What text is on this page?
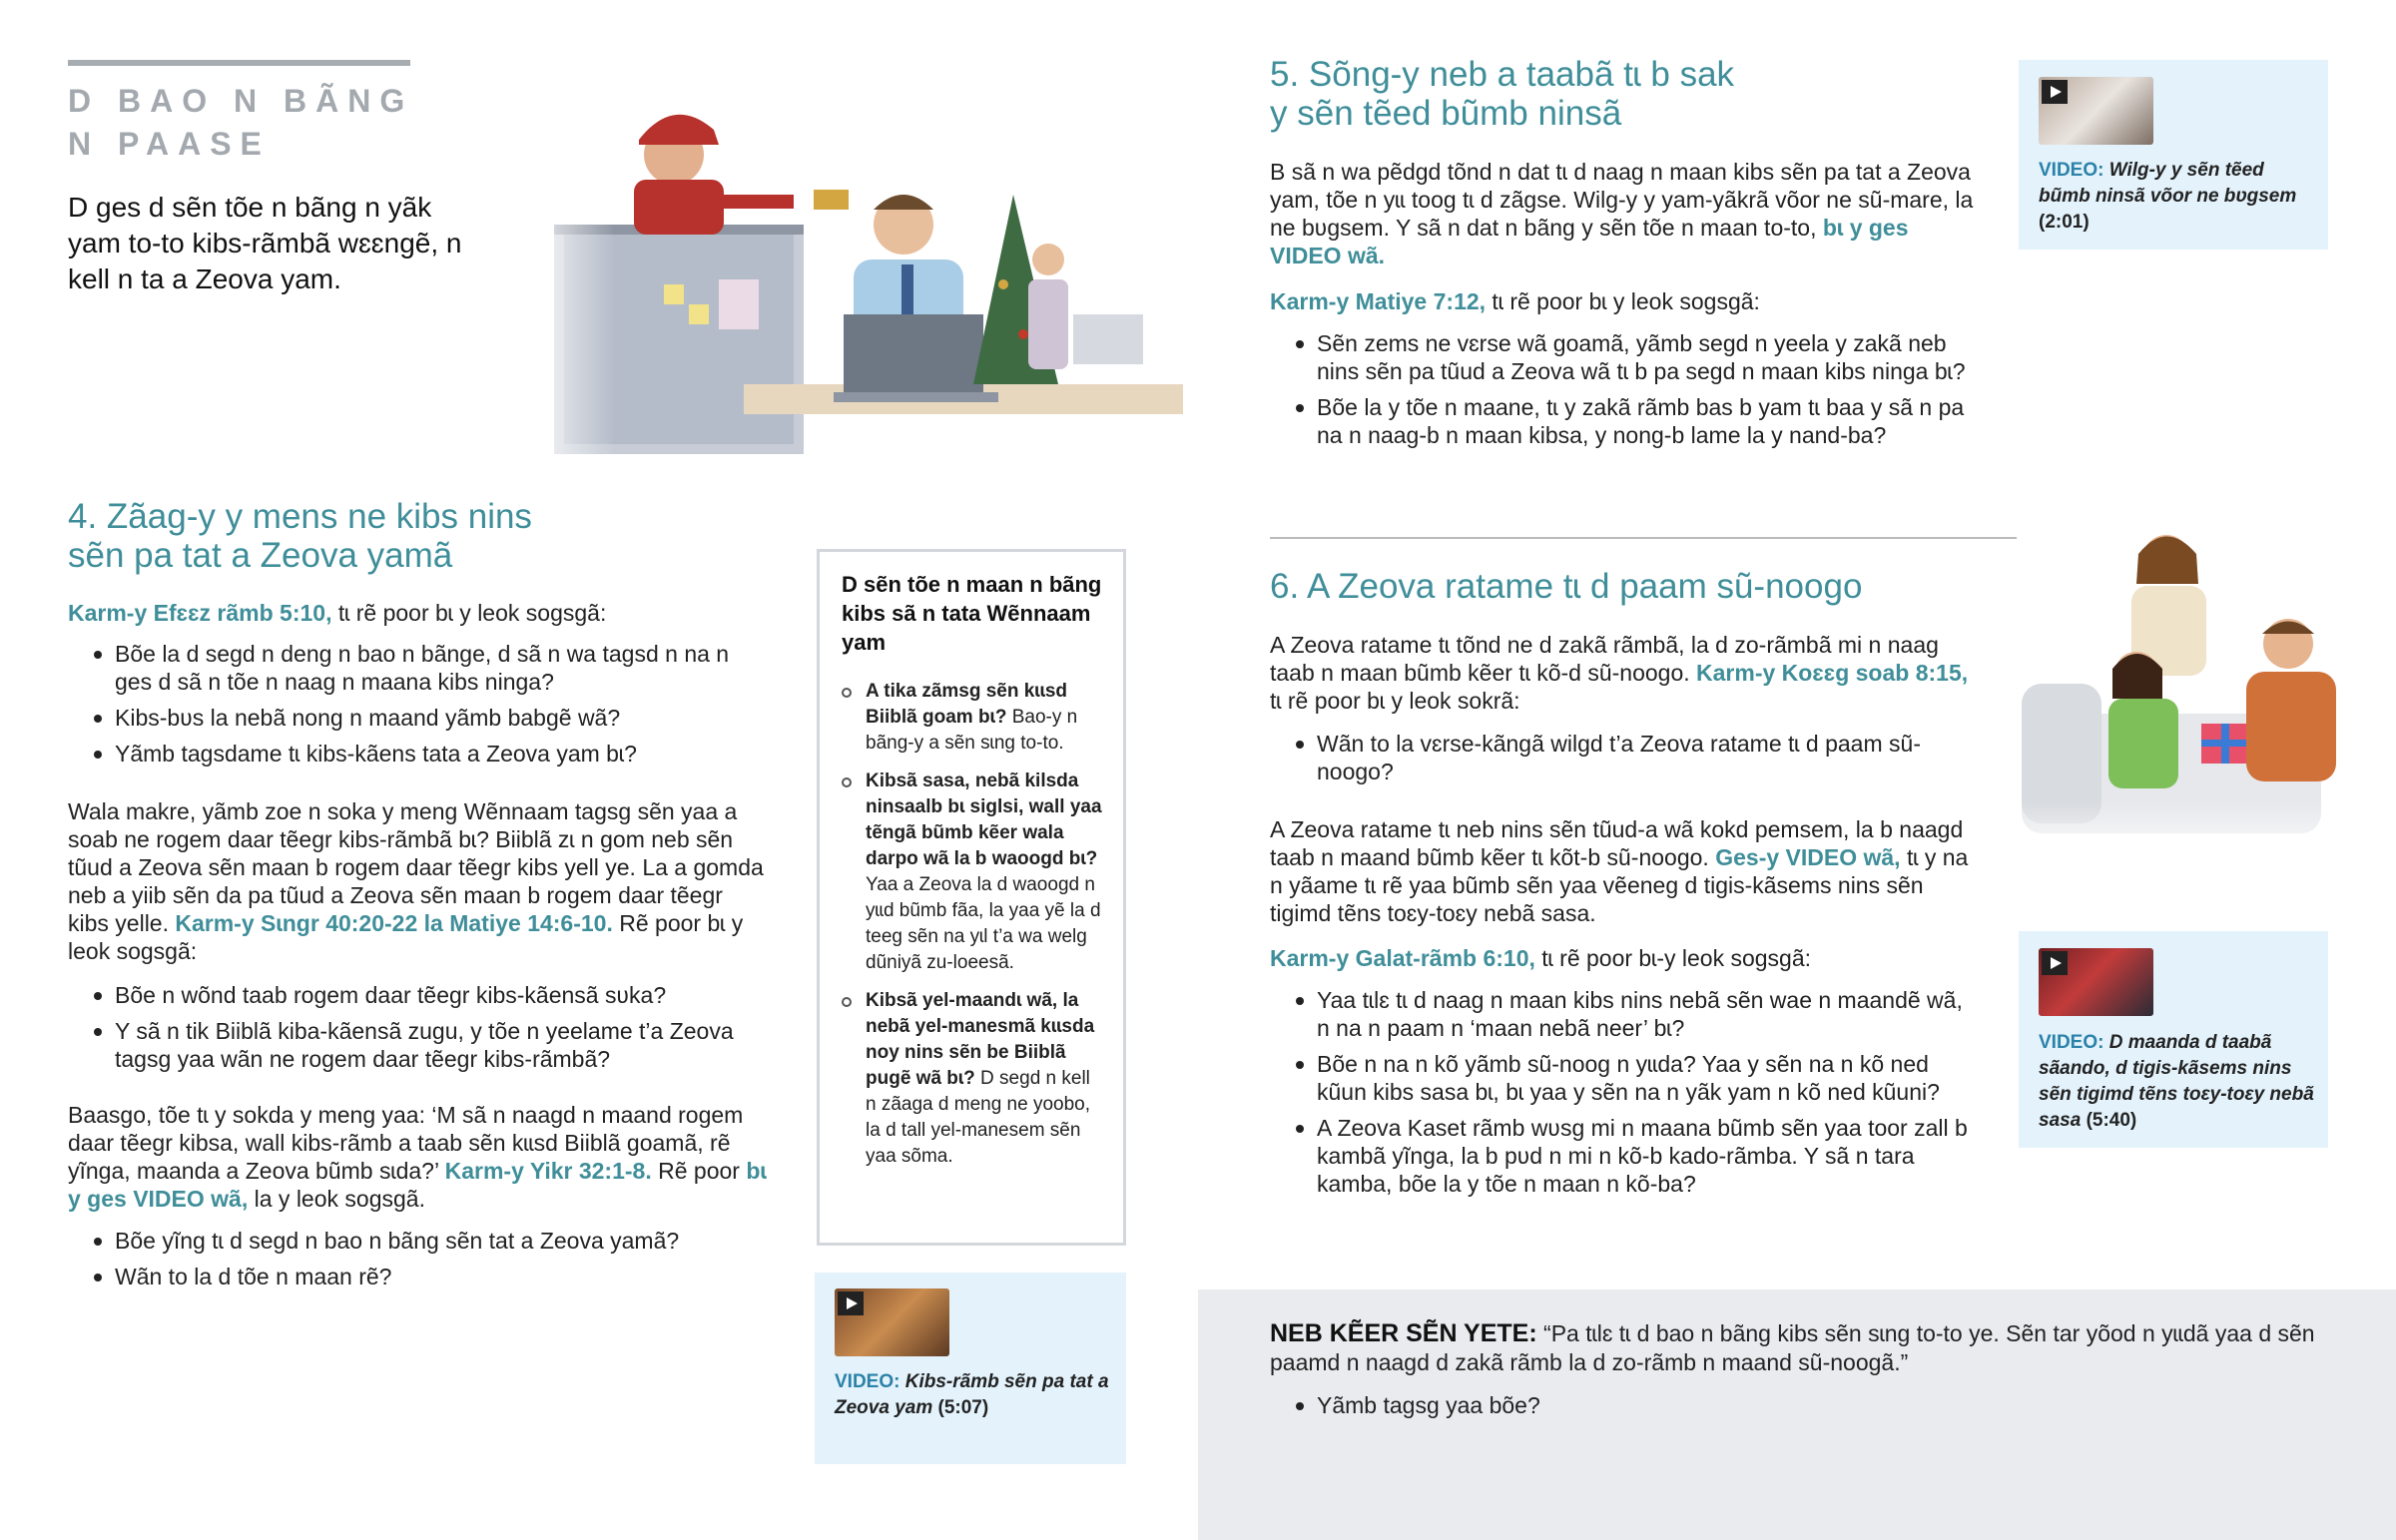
D BAO N BÃNG
N PAASE
D ges d sẽn tõe n bãng n yãk yam to-to kibs-rãmbã wɛɛngẽ, n kell n ta a Zeova yam.
4. Zãag-y y mens ne kibs nins
sẽn pa tat a Zeova yamã

Karm-y Efɛɛz rãmb 5:10, tɩ rẽ poor bɩ y leok sogsgã:

Bõe la d segd n deng n bao n bãnge, d sã n wa tagsd n na n ges d sã n tõe n naag n maana kibs ninga?
Kibs-bʋs la nebã nong n maand yãmb babgẽ wã?
Yãmb tagsdame tɩ kibs-kãens tata a Zeova yam bɩ?

Wala makre, yãmb zoe n soka y meng Wẽnnaam tagsg sẽn yaa a soab ne rogem daar tẽegr kibs-rãmbã bɩ? Biiblã zɩ n gom neb sẽn tũud a Zeova sẽn maan b rogem daar tẽegr kibs yell ye. La a gomda neb a yiib sẽn da pa tũud a Zeova sẽn maan b rogem daar tẽegr kibs yelle. Karm-y Sɩngr 40:20-22 la Matiye 14:6-10. Rẽ poor bɩ y leok sogsgã:

Bõe n wõnd taab rogem daar tẽegr kibs-kãensã sʋka?
Y sã n tik Biiblã kiba-kãensã zugu, y tõe n yeelame t’a Zeova tagsg yaa wãn ne rogem daar tẽegr kibs-rãmbã?

Baasgo, tõe tɩ y sokda y meng yaa: ‘M sã n naagd n maand rogem daar tẽegr kibsa, wall kibs-rãmb a taab sẽn kɩɩsd Biiblã goamã, rẽ yĩnga, maanda a Zeova bũmb sɩda?’ Karm-y Yikr 32:1-8. Rẽ poor bɩ y ges VIDEO wã, la y leok sogsgã.

Bõe yĩng tɩ d segd n bao n bãng sẽn tat a Zeova yamã?
Wãn to la d tõe n maan rẽ?
D sẽn tõe n maan n bãng kibs sã n tata Wẽnnaam yam
A tika zãmsg sẽn kɩɩsd Biiblã goam bɩ? Bao-y n bãng-y a sẽn sɩng to-to.
Kibsã sasa, nebã kilsda ninsaalb bɩ siglsi, wall yaa tẽngã bũmb kẽer wala darpo wã la b waoogd bɩ? Yaa a Zeova la d waoogd n yɩɩd bũmb fãa, la yaa yẽ la d teeg sẽn na yɩl t’a wa welg dũniyã zu-loeesã.
Kibsã yel-maandɩ wã, la nebã yel-manesmã kɩɩsda noy nins sẽn be Biiblã pugẽ wã bɩ? D segd n kell n zãaga d meng ne yoobo, la d tall yel-manesem sẽn yaa sõma.
VIDEO: Kibs-rãmb sẽn pa tat a Zeova yam (5:07)
5. Sõng-y neb a taabã tɩ b sak
y sẽn tẽed bũmb ninsã

B sã n wa pẽdgd tõnd n dat tɩ d naag n maan kibs sẽn pa tat a Zeova yam, tõe n yɩɩ toog tɩ d zãgse. Wilg-y y yam-yãkrã võor ne sũ-mare, la ne bʋgsem. Y sã n dat n bãng y sẽn tõe n maan to-to, bɩ y ges VIDEO wã.

Karm-y Matiye 7:12, tɩ rẽ poor bɩ y leok sogsgã:

Sẽn zems ne vɛrse wã goamã, yãmb segd n yeela y zakã neb nins sẽn pa tũud a Zeova wã tɩ b pa segd n maan kibs ninga bɩ?
Bõe la y tõe n maane, tɩ y zakã rãmb bas b yam tɩ baa y sã n pa na n naag-b n maan kibsa, y nong-b lame la y nand-ba?
VIDEO: Wilg-y y sẽn tẽed bũmb ninsã võor ne bʋgsem (2:01)
6. A Zeova ratame tɩ d paam sũ-noogo

A Zeova ratame tɩ tõnd ne d zakã rãmbã, la d zo-rãmbã mi n naag taab n maan bũmb kẽer tɩ kõ-d sũ-noogo. Karm-y Koɛɛg soab 8:15, tɩ rẽ poor bɩ y leok sokrã:

Wãn to la vɛrse-kãngã wilgd t’a Zeova ratame tɩ d paam sũ-noogo?

A Zeova ratame tɩ neb nins sẽn tũud-a wã kokd pemsem, la b naagd taab n maand bũmb kẽer tɩ kõt-b sũ-noogo. Ges-y VIDEO wã, tɩ y na n yãame tɩ rẽ yaa bũmb sẽn yaa vẽeneg d tigis-kãsems nins sẽn tigimd tẽns toɛy-toɛy nebã sasa.

Karm-y Galat-rãmb 6:10, tɩ rẽ poor bɩ-y leok sogsgã:

Yaa tɩlɛ tɩ d naag n maan kibs nins nebã sẽn wae n maandẽ wã, n na n paam n ‘maan nebã neer’ bɩ?
Bõe n na n kõ yãmb sũ-noog n yɩɩda? Yaa y sẽn na n kõ ned kũun kibs sasa bɩ, bɩ yaa y sẽn na n yãk yam n kõ ned kũuni?
A Zeova Kaset rãmb wʋsg mi n maana bũmb sẽn yaa toor zall b kambã yĩnga, la b pʋd n mi n kõ-b kado-rãmba. Y sã n tara kamba, bõe la y tõe n maan n kõ-ba?
VIDEO: D maanda d taabã sãando, d tigis-kãsems nins sẽn tigimd tẽns toɛy-toɛy nebã sasa (5:40)

NEB KẼER SẼN YETE: “Pa tɩlɛ tɩ d bao n bãng kibs sẽn sɩng to-to ye. Sẽn tar yõod n yɩɩdã yaa d sẽn paamd n naagd d zakã rãmb la d zo-rãmb n maand sũ-noogã.”

Yãmb tagsg yaa bõe?
